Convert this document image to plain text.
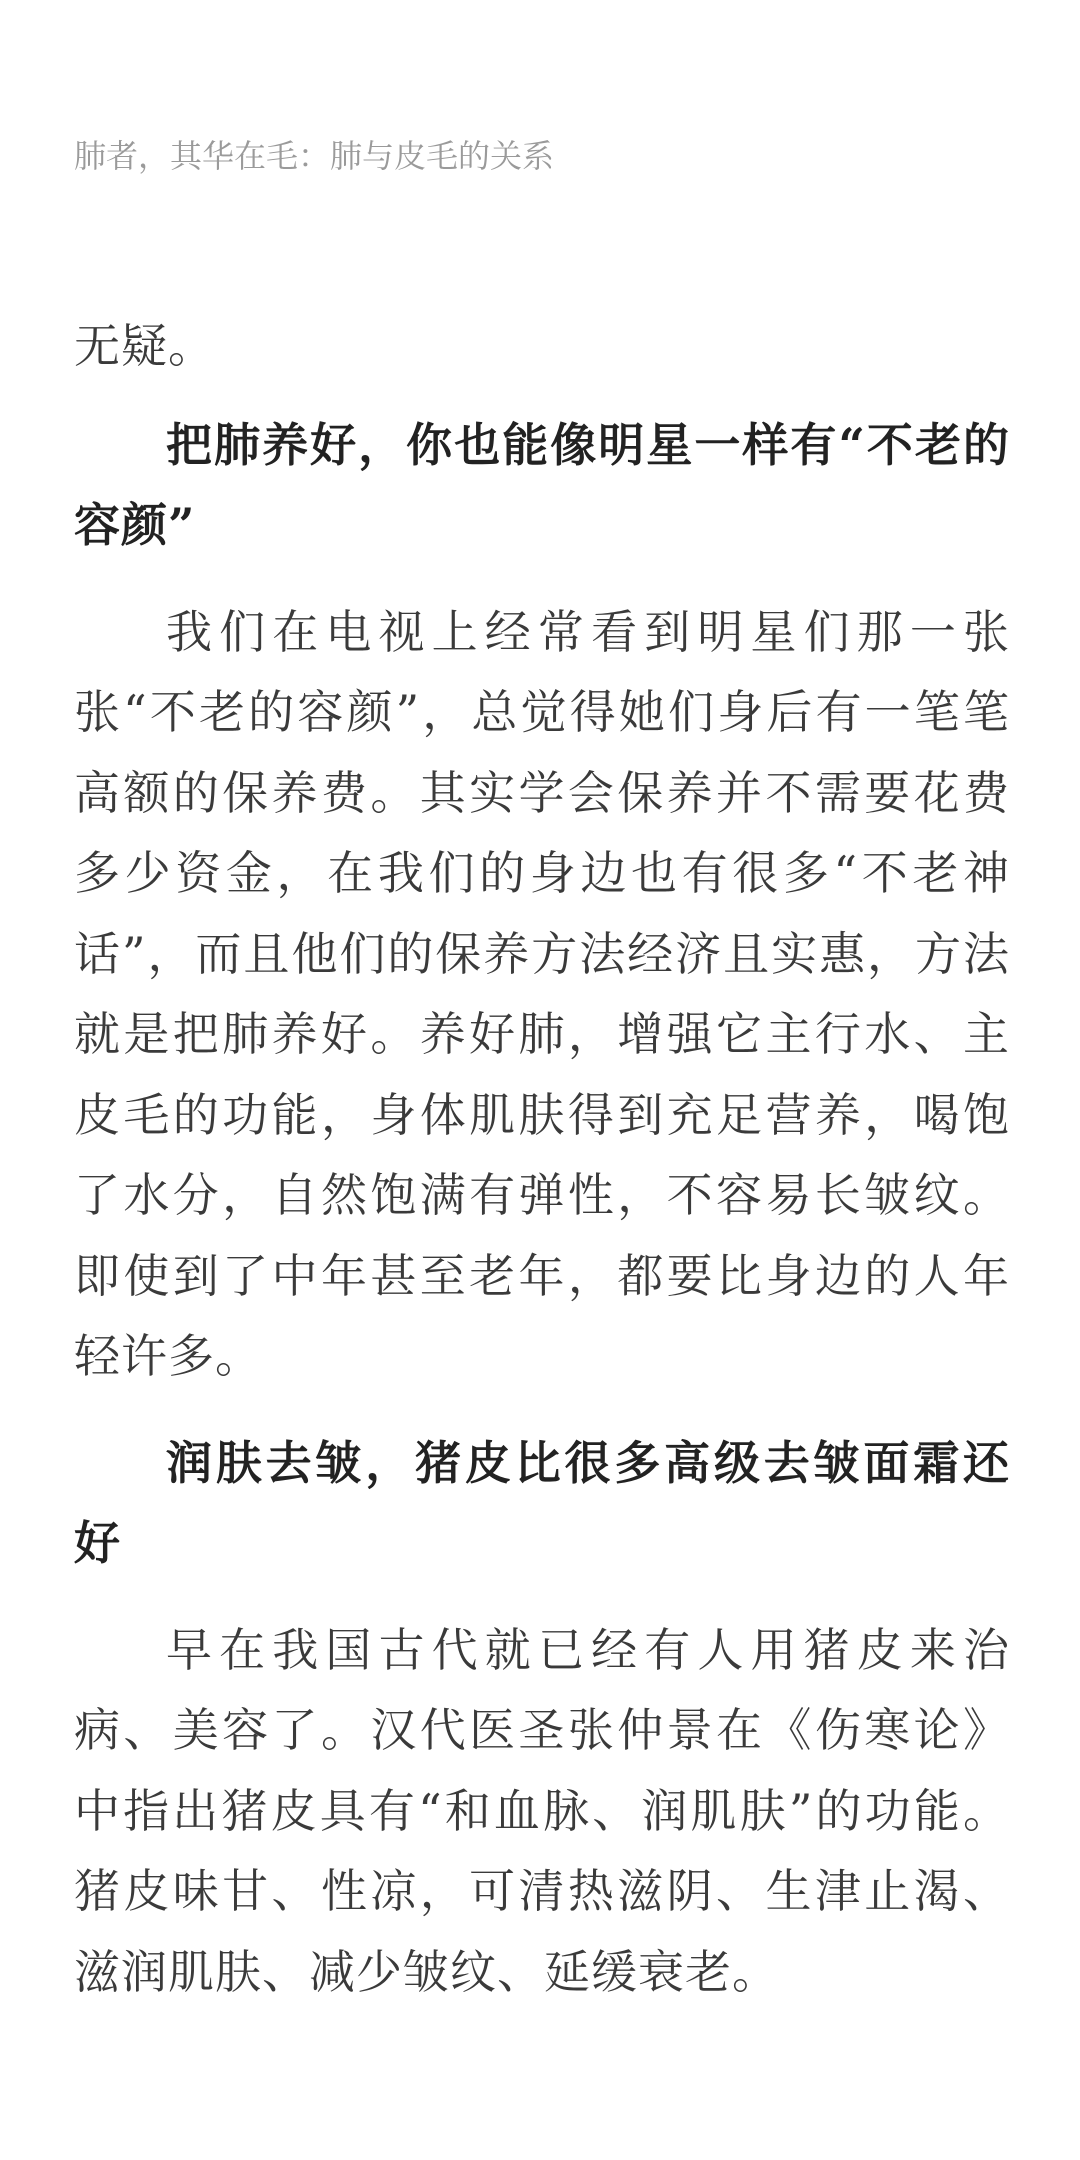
肺者，其华在毛：肺与皮毛的关系

无疑。

把肺养好，你也能像明星一样有“不老的容颜”

我们在电视上经常看到明星们那一张张“不老的容颜”，总觉得她们身后有一笔笔高额的保养费。其实学会保养并不需要花费多少资金，在我们的身边也有很多“不老神话”，而且他们的保养方法经济且实惠，方法就是把肺养好。养好肺，增强它主行水、主皮毛的功能，身体肌肤得到充足营养，喝饱了水分，自然饱满有弹性，不容易长皱纹。即使到了中年甚至老年，都要比身边的人年轻许多。

润肤去皱，猪皮比很多高级去皱面霜还好

早在我国古代就已经有人用猪皮来治病、美容了。汉代医圣张仲景在《伤寒论》中指出猪皮具有“和血脉、润肌肤”的功能。猪皮味甘、性凉，可清热滋阴、生津止渴、滋润肌肤、减少皱纹、延缓衰老。
